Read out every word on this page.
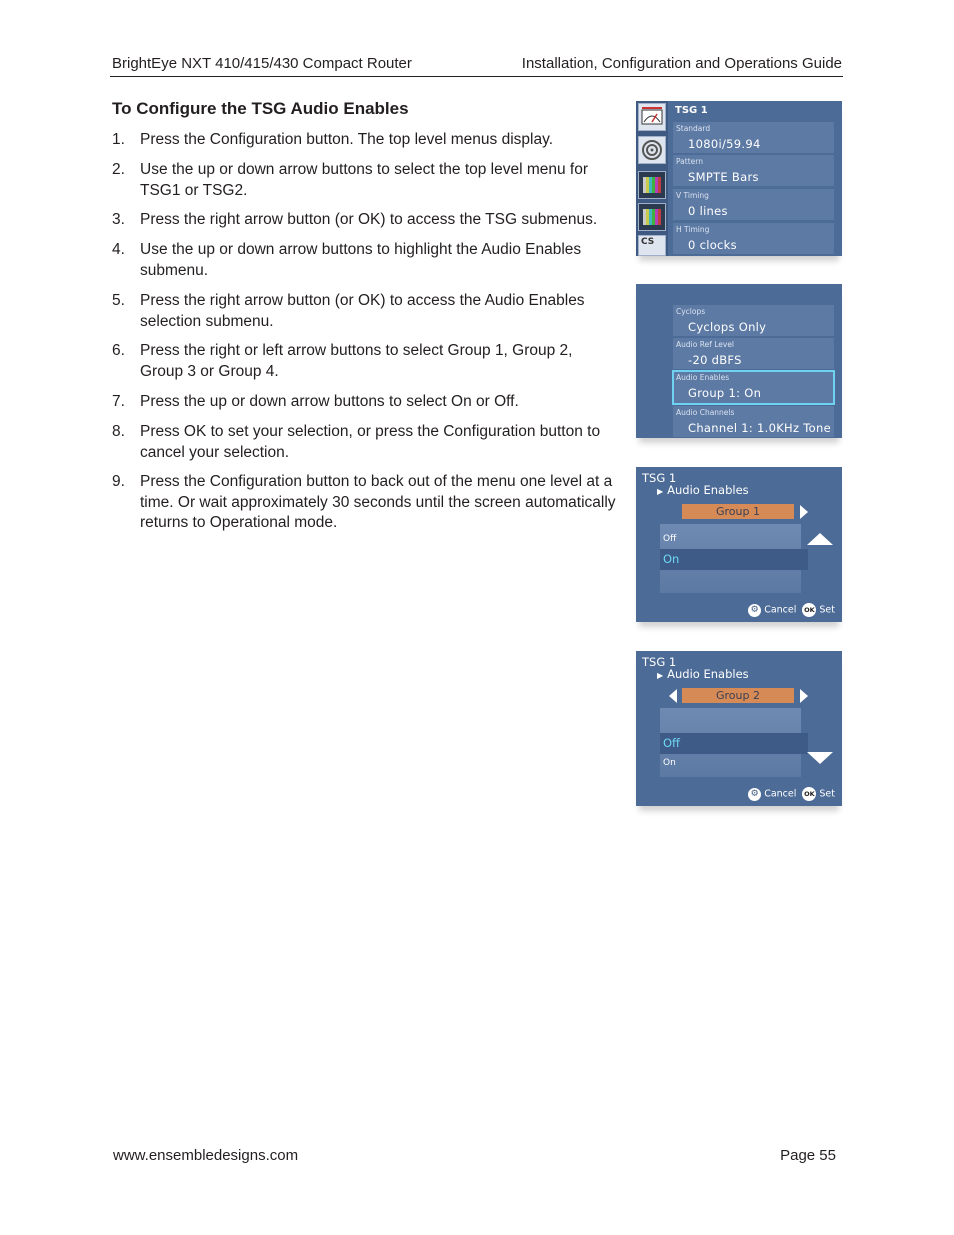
BrightEye NXT 410/415/430 Compact Router	Installation, Configuration and Operations Guide
To Configure the TSG Audio Enables
1. Press the Configuration button. The top level menus display.
2. Use the up or down arrow buttons to select the top level menu for TSG1 or TSG2.
3. Press the right arrow button (or OK) to access the TSG submenus.
4. Use the up or down arrow buttons to highlight the Audio Enables submenu.
5. Press the right arrow button (or OK) to access the Audio Enables selection submenu.
6. Press the right or left arrow buttons to select Group 1, Group 2, Group 3 or Group 4.
7. Press the up or down arrow buttons to select On or Off.
8. Press OK to set your selection, or press the Configuration button to cancel your selection.
9. Press the Configuration button to back out of the menu one level at a time. Or wait approximately 30 seconds until the screen automatically returns to Operational mode.
CS
TSG 1
Standard
1080i/59.94
Pattern
SMPTE Bars
V Timing
0 lines
H Timing
0 clocks
Cyclops
Cyclops Only
Audio Ref Level
-20 dBFS
Audio Enables
Group 1: On
Audio Channels
Channel 1: 1.0KHz Tone
TSG 1
▶ Audio Enables
Group 1
Off
On
⚙ Cancel OK Set
TSG 1
▶ Audio Enables
Group 2
Off
On
⚙ Cancel OK Set
www.ensembledesigns.com	Page 55
